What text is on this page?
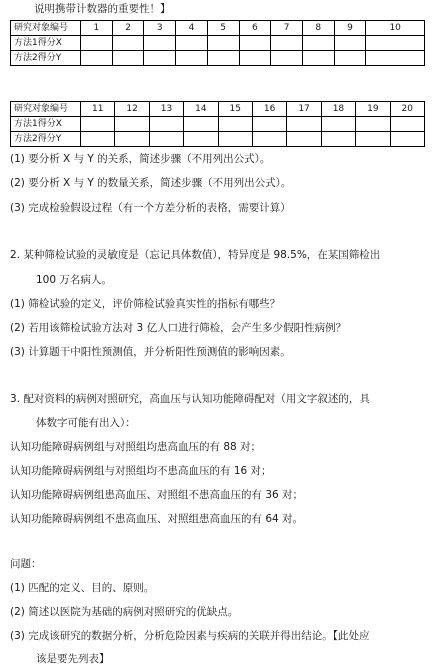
说明携带计数器的重要性！】
研究对象编号	1	2	3	4	5	6	7	8	9	10
方法1得分X										
方法2得分Y										
研究对象编号	11	12	13	14	15	16	17	18	19	20
方法1得分X										
方法2得分Y										
(1) 要分析 X 与 Y 的关系，简述步骤（不用列出公式）。
(2) 要分析 X 与 Y 的数量关系，简述步骤（不用列出公式）。
(3) 完成检验假设过程（有一个方差分析的表格，需要计算）
2. 某种筛检试验的灵敏度是（忘记具体数值），特异度是 98.5%，在某国筛检出
100 万名病人。
(1) 筛检试验的定义，评价筛检试验真实性的指标有哪些？
(2) 若用该筛检试验方法对 3 亿人口进行筛检，会产生多少假阳性病例？
(3) 计算题干中阳性预测值，并分析阳性预测值的影响因素。
3. 配对资料的病例对照研究，高血压与认知功能障碍配对（用文字叙述的，具
体数字可能有出入）：
认知功能障碍病例组与对照组均患高血压的有 88 对；
认知功能障碍病例组与对照组均不患高血压的有 16 对；
认知功能障碍病例组患高血压、对照组不患高血压的有 36 对；
认知功能障碍病例组不患高血压、对照组患高血压的有 64 对。
问题：
(1) 匹配的定义、目的、原则。
(2) 简述以医院为基础的病例对照研究的优缺点。
(3) 完成该研究的数据分析，分析危险因素与疾病的关联并得出结论。【此处应
该是要先列表】
